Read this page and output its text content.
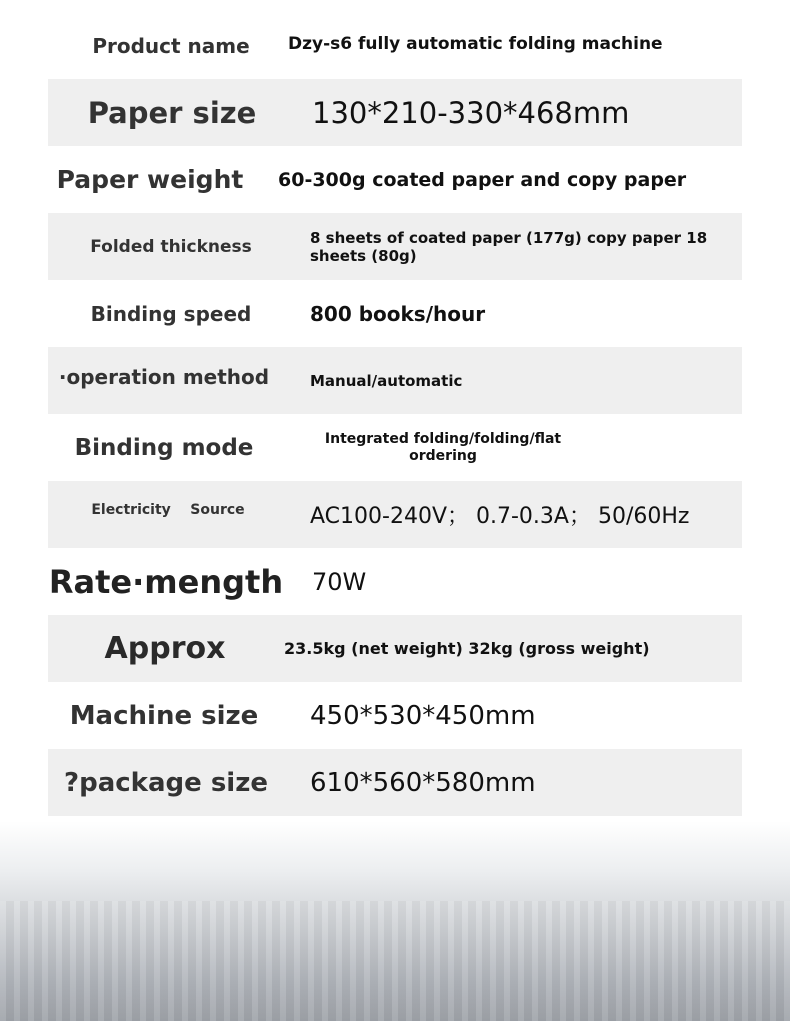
Product name	Dzy-s6 fully automatic folding machine
Paper size	130*210-330*468mm
Paper weight	60-300g coated paper and copy paper
Folded thickness	8 sheets of coated paper (177g) copy paper 18 sheets (80g)
Binding speed	800 books/hour
·operation method	Manual/automatic
Binding mode	Integrated folding/folding/flat ordering
Electricity    Source	AC100-240V； 0.7-0.3A； 50/60Hz
Rate·mength 70W
Approx	23.5kg (net weight) 32kg (gross weight)
Machine size	450*530*450mm
?package size	610*560*580mm
